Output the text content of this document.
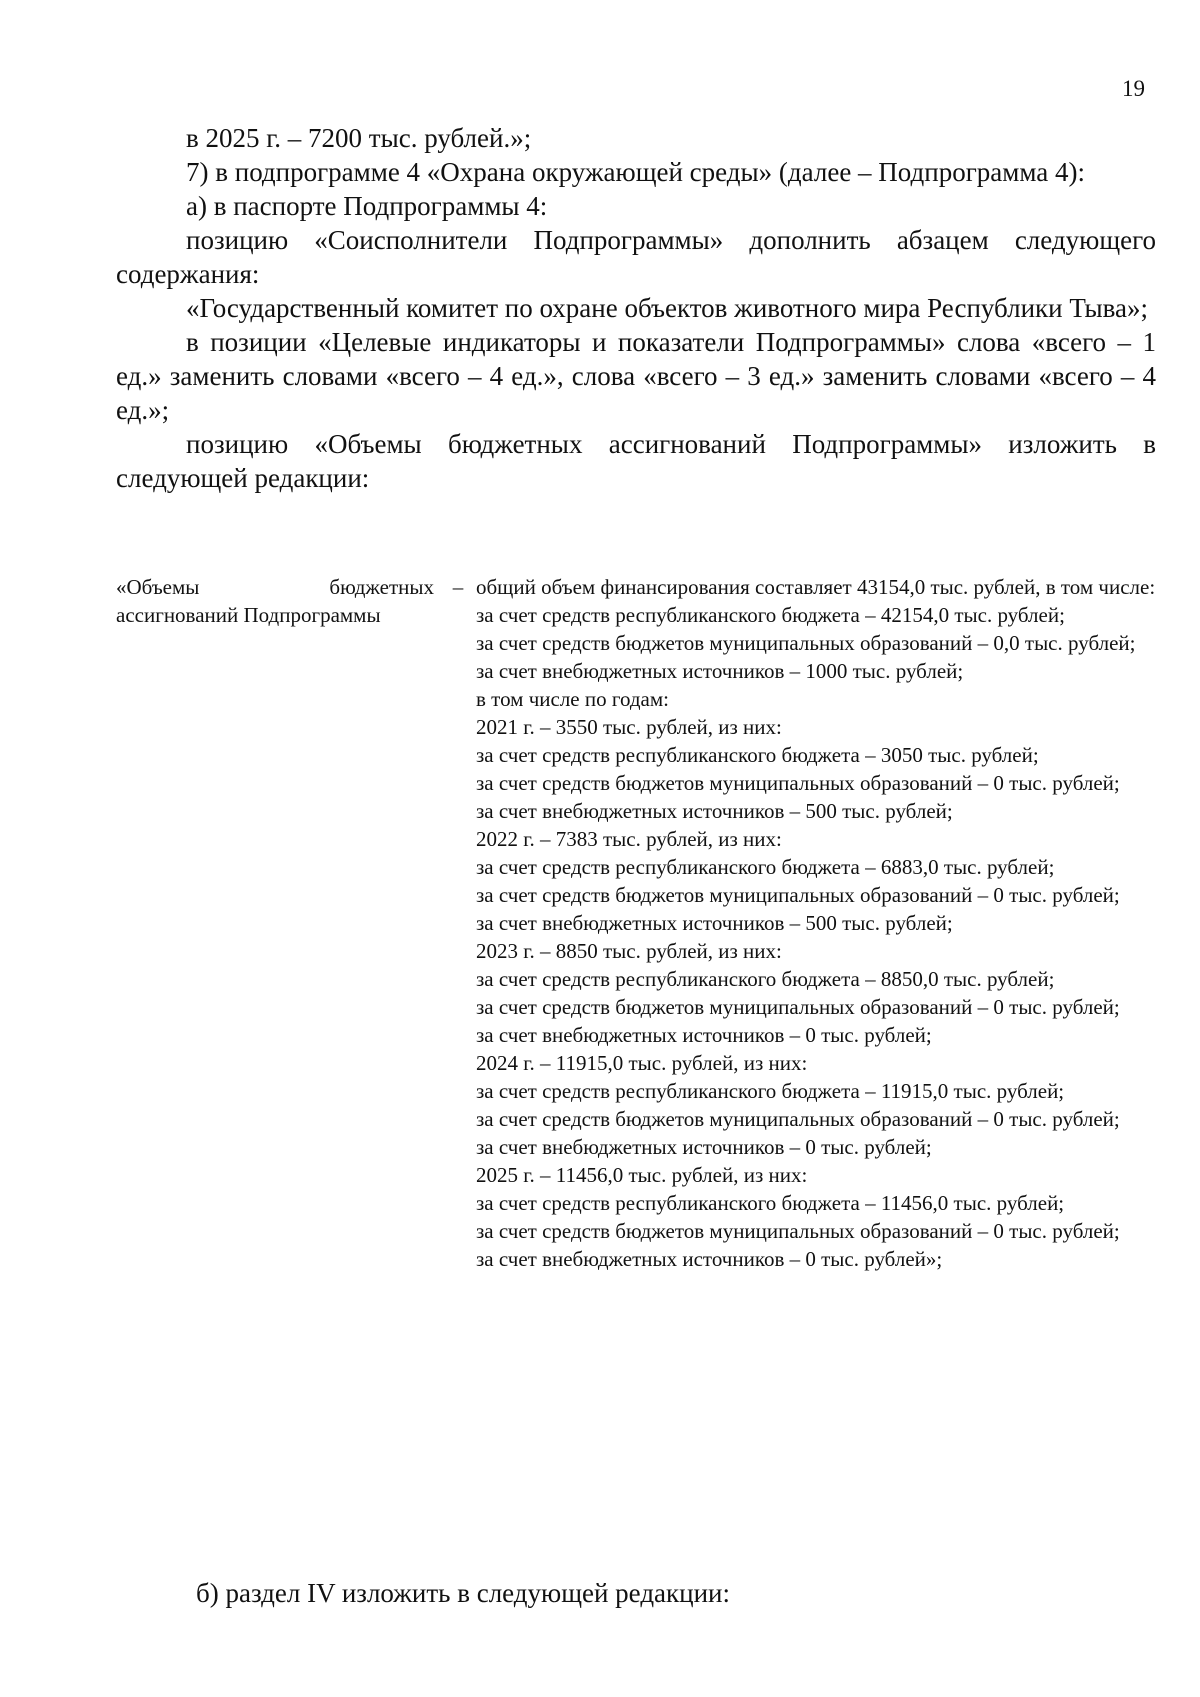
19

в 2025 г. – 7200 тыс. рублей.»;

7) в подпрограмме 4 «Охрана окружающей среды» (далее – Подпрограмма 4):

а) в паспорте Подпрограммы 4:

позицию «Соисполнители Подпрограммы» дополнить абзацем следующего содержания:

«Государственный комитет по охране объектов животного мира Республики Тыва»;

в позиции «Целевые индикаторы и показатели Подпрограммы» слова «всего – 1 ед.» заменить словами «всего – 4 ед.», слова «всего – 3 ед.» заменить словами «всего – 4 ед.»;

позицию «Объемы бюджетных ассигнований Подпрограммы» изложить в следующей редакции:

«Объемы бюджетных ассигнований Подпрограммы
– общий объем финансирования составляет 43154,0 тыс. рублей, в том числе:
за счет средств республиканского бюджета – 42154,0 тыс. рублей;
за счет средств бюджетов муниципальных образований – 0,0 тыс. рублей;
за счет внебюджетных источников – 1000 тыс. рублей;
в том числе по годам:
2021 г. – 3550 тыс. рублей, из них:
за счет средств республиканского бюджета – 3050 тыс. рублей;
за счет средств бюджетов муниципальных образований – 0 тыс. рублей;
за счет внебюджетных источников – 500 тыс. рублей;
2022 г. – 7383 тыс. рублей, из них:
за счет средств республиканского бюджета – 6883,0 тыс. рублей;
за счет средств бюджетов муниципальных образований – 0 тыс. рублей;
за счет внебюджетных источников – 500 тыс. рублей;
2023 г. – 8850 тыс. рублей, из них:
за счет средств республиканского бюджета – 8850,0 тыс. рублей;
за счет средств бюджетов муниципальных образований – 0 тыс. рублей;
за счет внебюджетных источников – 0 тыс. рублей;
2024 г. – 11915,0 тыс. рублей, из них:
за счет средств республиканского бюджета – 11915,0 тыс. рублей;
за счет средств бюджетов муниципальных образований – 0 тыс. рублей;
за счет внебюджетных источников – 0 тыс. рублей;
2025 г. – 11456,0 тыс. рублей, из них:
за счет средств республиканского бюджета – 11456,0 тыс. рублей;
за счет средств бюджетов муниципальных образований – 0 тыс. рублей;
за счет внебюджетных источников – 0 тыс. рублей»;
б) раздел IV изложить в следующей редакции:
